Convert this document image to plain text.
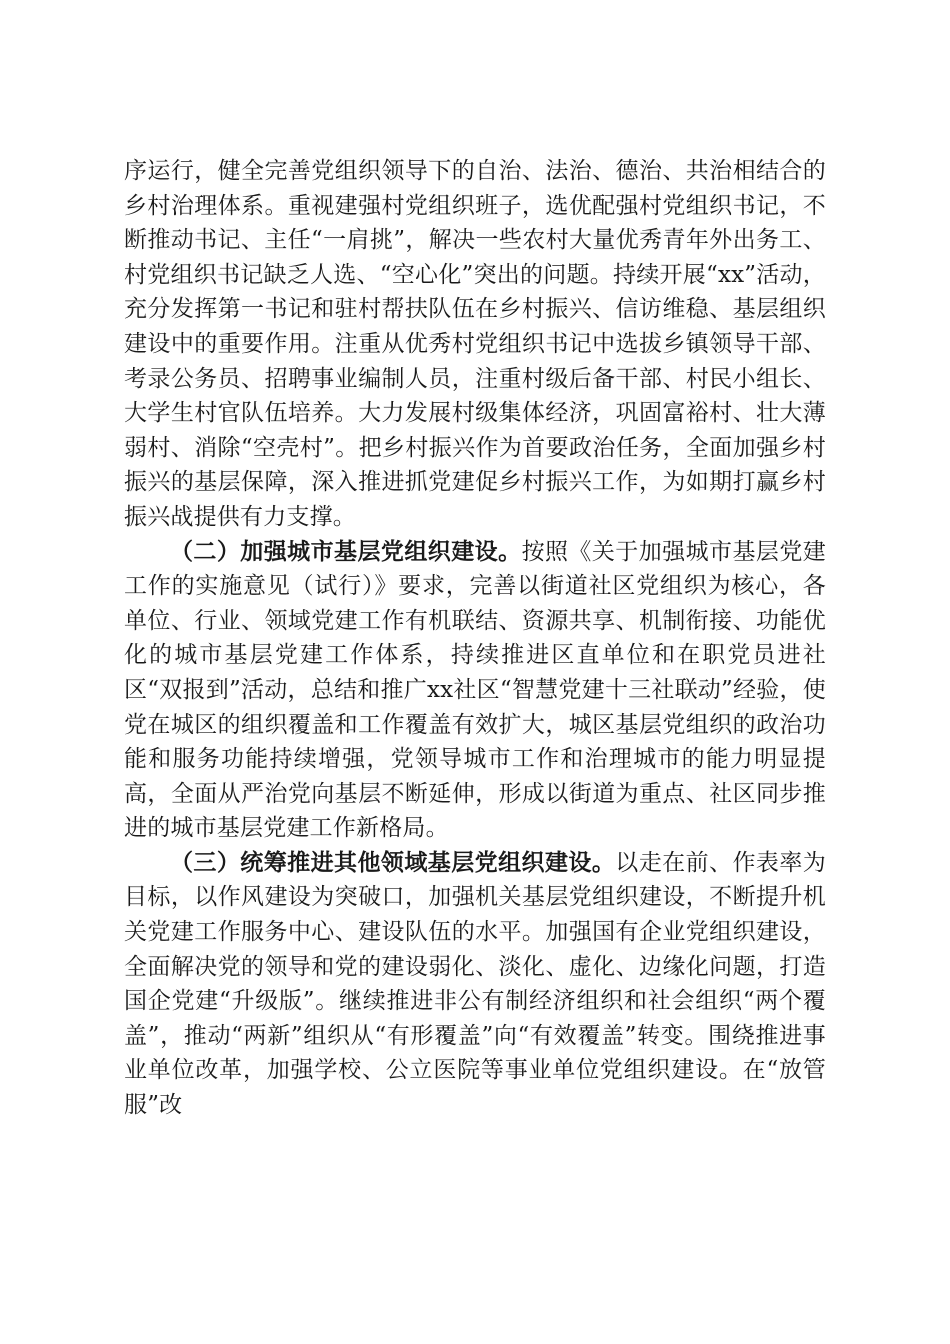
序运行，健全完善党组织领导下的自治、法治、德治、共治相结合的乡村治理体系。重视建强村党组织班子，选优配强村党组织书记，不断推动书记、主任“一肩挑”，解决一些农村大量优秀青年外出务工、村党组织书记缺乏人选、“空心化”突出的问题。持续开展“xx”活动，充分发挥第一书记和驻村帮扶队伍在乡村振兴、信访维稳、基层组织建设中的重要作用。注重从优秀村党组织书记中选拔乡镇领导干部、考录公务员、招聘事业编制人员，注重村级后备干部、村民小组长、大学生村官队伍培养。大力发展村级集体经济，巩固富裕村、壮大薄弱村、消除“空壳村”。把乡村振兴作为首要政治任务，全面加强乡村振兴的基层保障，深入推进抓党建促乡村振兴工作，为如期打赢乡村振兴战提供有力支撑。

（二）加强城市基层党组织建设。按照《关于加强城市基层党建工作的实施意见（试行）》要求，完善以街道社区党组织为核心，各单位、行业、领域党建工作有机联结、资源共享、机制衔接、功能优化的城市基层党建工作体系，持续推进区直单位和在职党员进社区“双报到”活动，总结和推广xx社区“智慧党建十三社联动”经验，使党在城区的组织覆盖和工作覆盖有效扩大，城区基层党组织的政治功能和服务功能持续增强，党领导城市工作和治理城市的能力明显提高，全面从严治党向基层不断延伸，形成以街道为重点、社区同步推进的城市基层党建工作新格局。

（三）统筹推进其他领域基层党组织建设。以走在前、作表率为目标，以作风建设为突破口，加强机关基层党组织建设，不断提升机关党建工作服务中心、建设队伍的水平。加强国有企业党组织建设，全面解决党的领导和党的建设弱化、淡化、虚化、边缘化问题，打造国企党建“升级版”。继续推进非公有制经济组织和社会组织“两个覆盖”，推动“两新”组织从“有形覆盖”向“有效覆盖”转变。围绕推进事业单位改革，加强学校、公立医院等事业单位党组织建设。在“放管服”改
